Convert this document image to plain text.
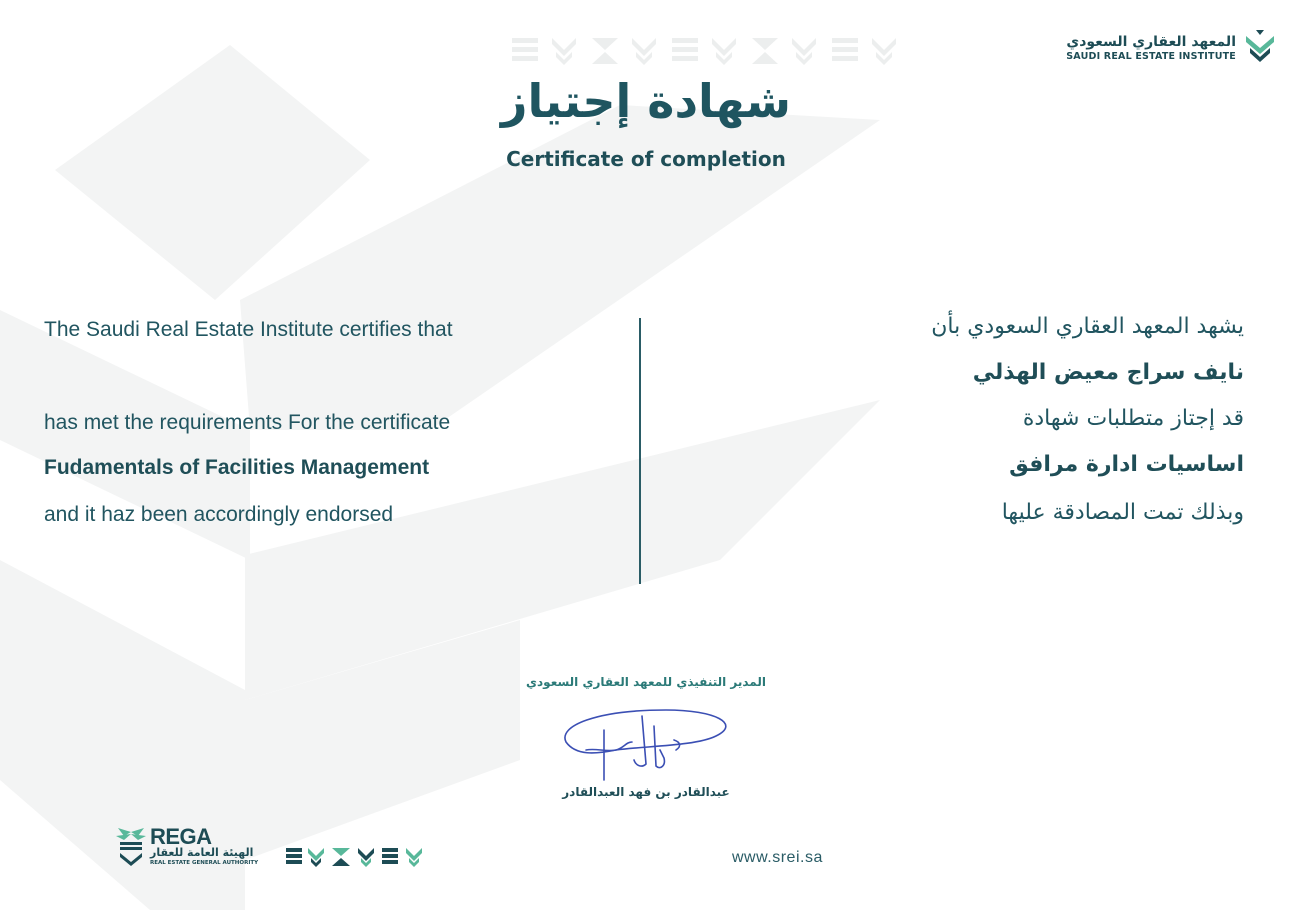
المعهد العقاري السعودي
SAUDI REAL ESTATE INSTITUTE
شهادة إجتياز
Certificate of completion
The Saudi Real Estate Institute certifies that
has met the requirements For the certificate
Fudamentals of Facilities Management
and it haz been accordingly endorsed
يشهد المعهد العقاري السعودي بأن
نايف سراج معيض الهذلي
قد إجتاز متطلبات شهادة
اساسيات ادارة مرافق
وبذلك تمت المصادقة عليها
المدير التنفيذي للمعهد العقاري السعودي
عبدالقادر بن فهد العبدالقادر
REGA
الهيئة العامة للعقار
REAL ESTATE GENERAL AUTHORITY	www.srei.sa
